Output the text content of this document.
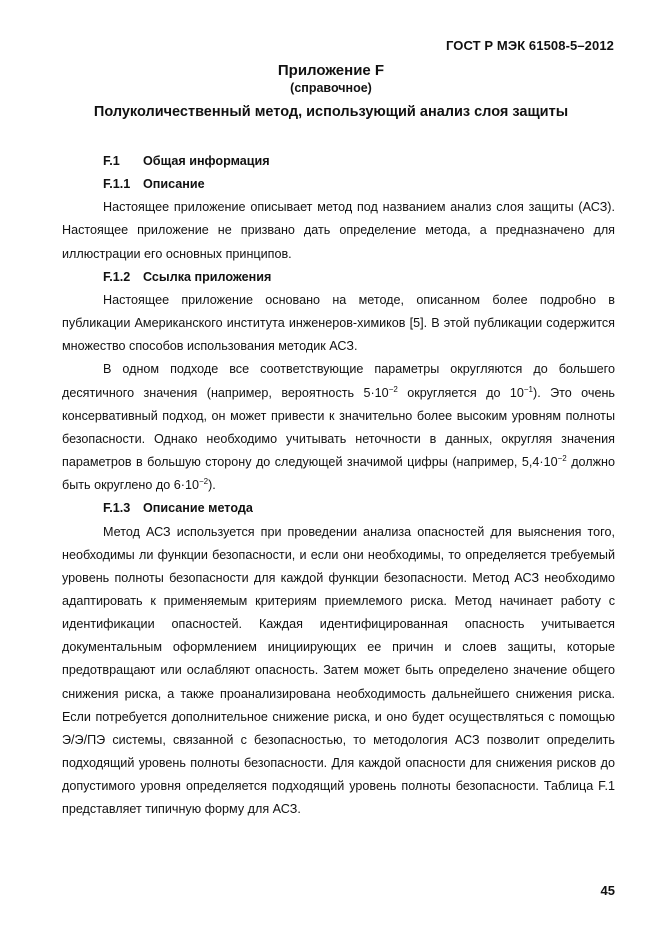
ГОСТ Р МЭК 61508-5–2012
Приложение F
(справочное)
Полуколичественный метод, использующий анализ слоя защиты
F.1 Общая информация
F.1.1 Описание

Настоящее приложение описывает метод под названием анализ слоя защиты (АСЗ). Настоящее приложение не призвано дать определение метода, а предназначено для иллюстрации его основных принципов.

F.1.2 Ссылка приложения

Настоящее приложение основано на методе, описанном более подробно в публикации Американского института инженеров-химиков [5]. В этой публикации содержится множество способов использования методик АСЗ.

В одном подходе все соответствующие параметры округляются до большего десятичного значения (например, вероятность $5\cdot 10^{-2}$ округляется до $10^{-1}$). Это очень консервативный подход, он может привести к значительно более высоким уровням полноты безопасности. Однако необходимо учитывать неточности в данных, округляя значения параметров в большую сторону до следующей значимой цифры (например, $5,4\cdot 10^{-2}$ должно быть округлено до $6\cdot 10^{-2}$).

F.1.3 Описание метода

Метод АСЗ используется при проведении анализа опасностей для выяснения того, необходимы ли функции безопасности, и если они необходимы, то определяется требуемый уровень полноты безопасности для каждой функции безопасности. Метод АСЗ необходимо адаптировать к применяемым критериям приемлемого риска. Метод начинает работу с идентификации опасностей. Каждая идентифицированная опасность учитывается документальным оформлением инициирующих ее причин и слоев защиты, которые предотвращают или ослабляют опасность. Затем может быть определено значение общего снижения риска, а также проанализирована необходимость дальнейшего снижения риска. Если потребуется дополнительное снижение риска, и оно будет осуществляться с помощью Э/Э/ПЭ системы, связанной с безопасностью, то методология АСЗ позволит определить подходящий уровень полноты безопасности. Для каждой опасности для снижения рисков до допустимого уровня определяется подходящий уровень полноты безопасности. Таблица F.1 представляет типичную форму для АСЗ.

45
